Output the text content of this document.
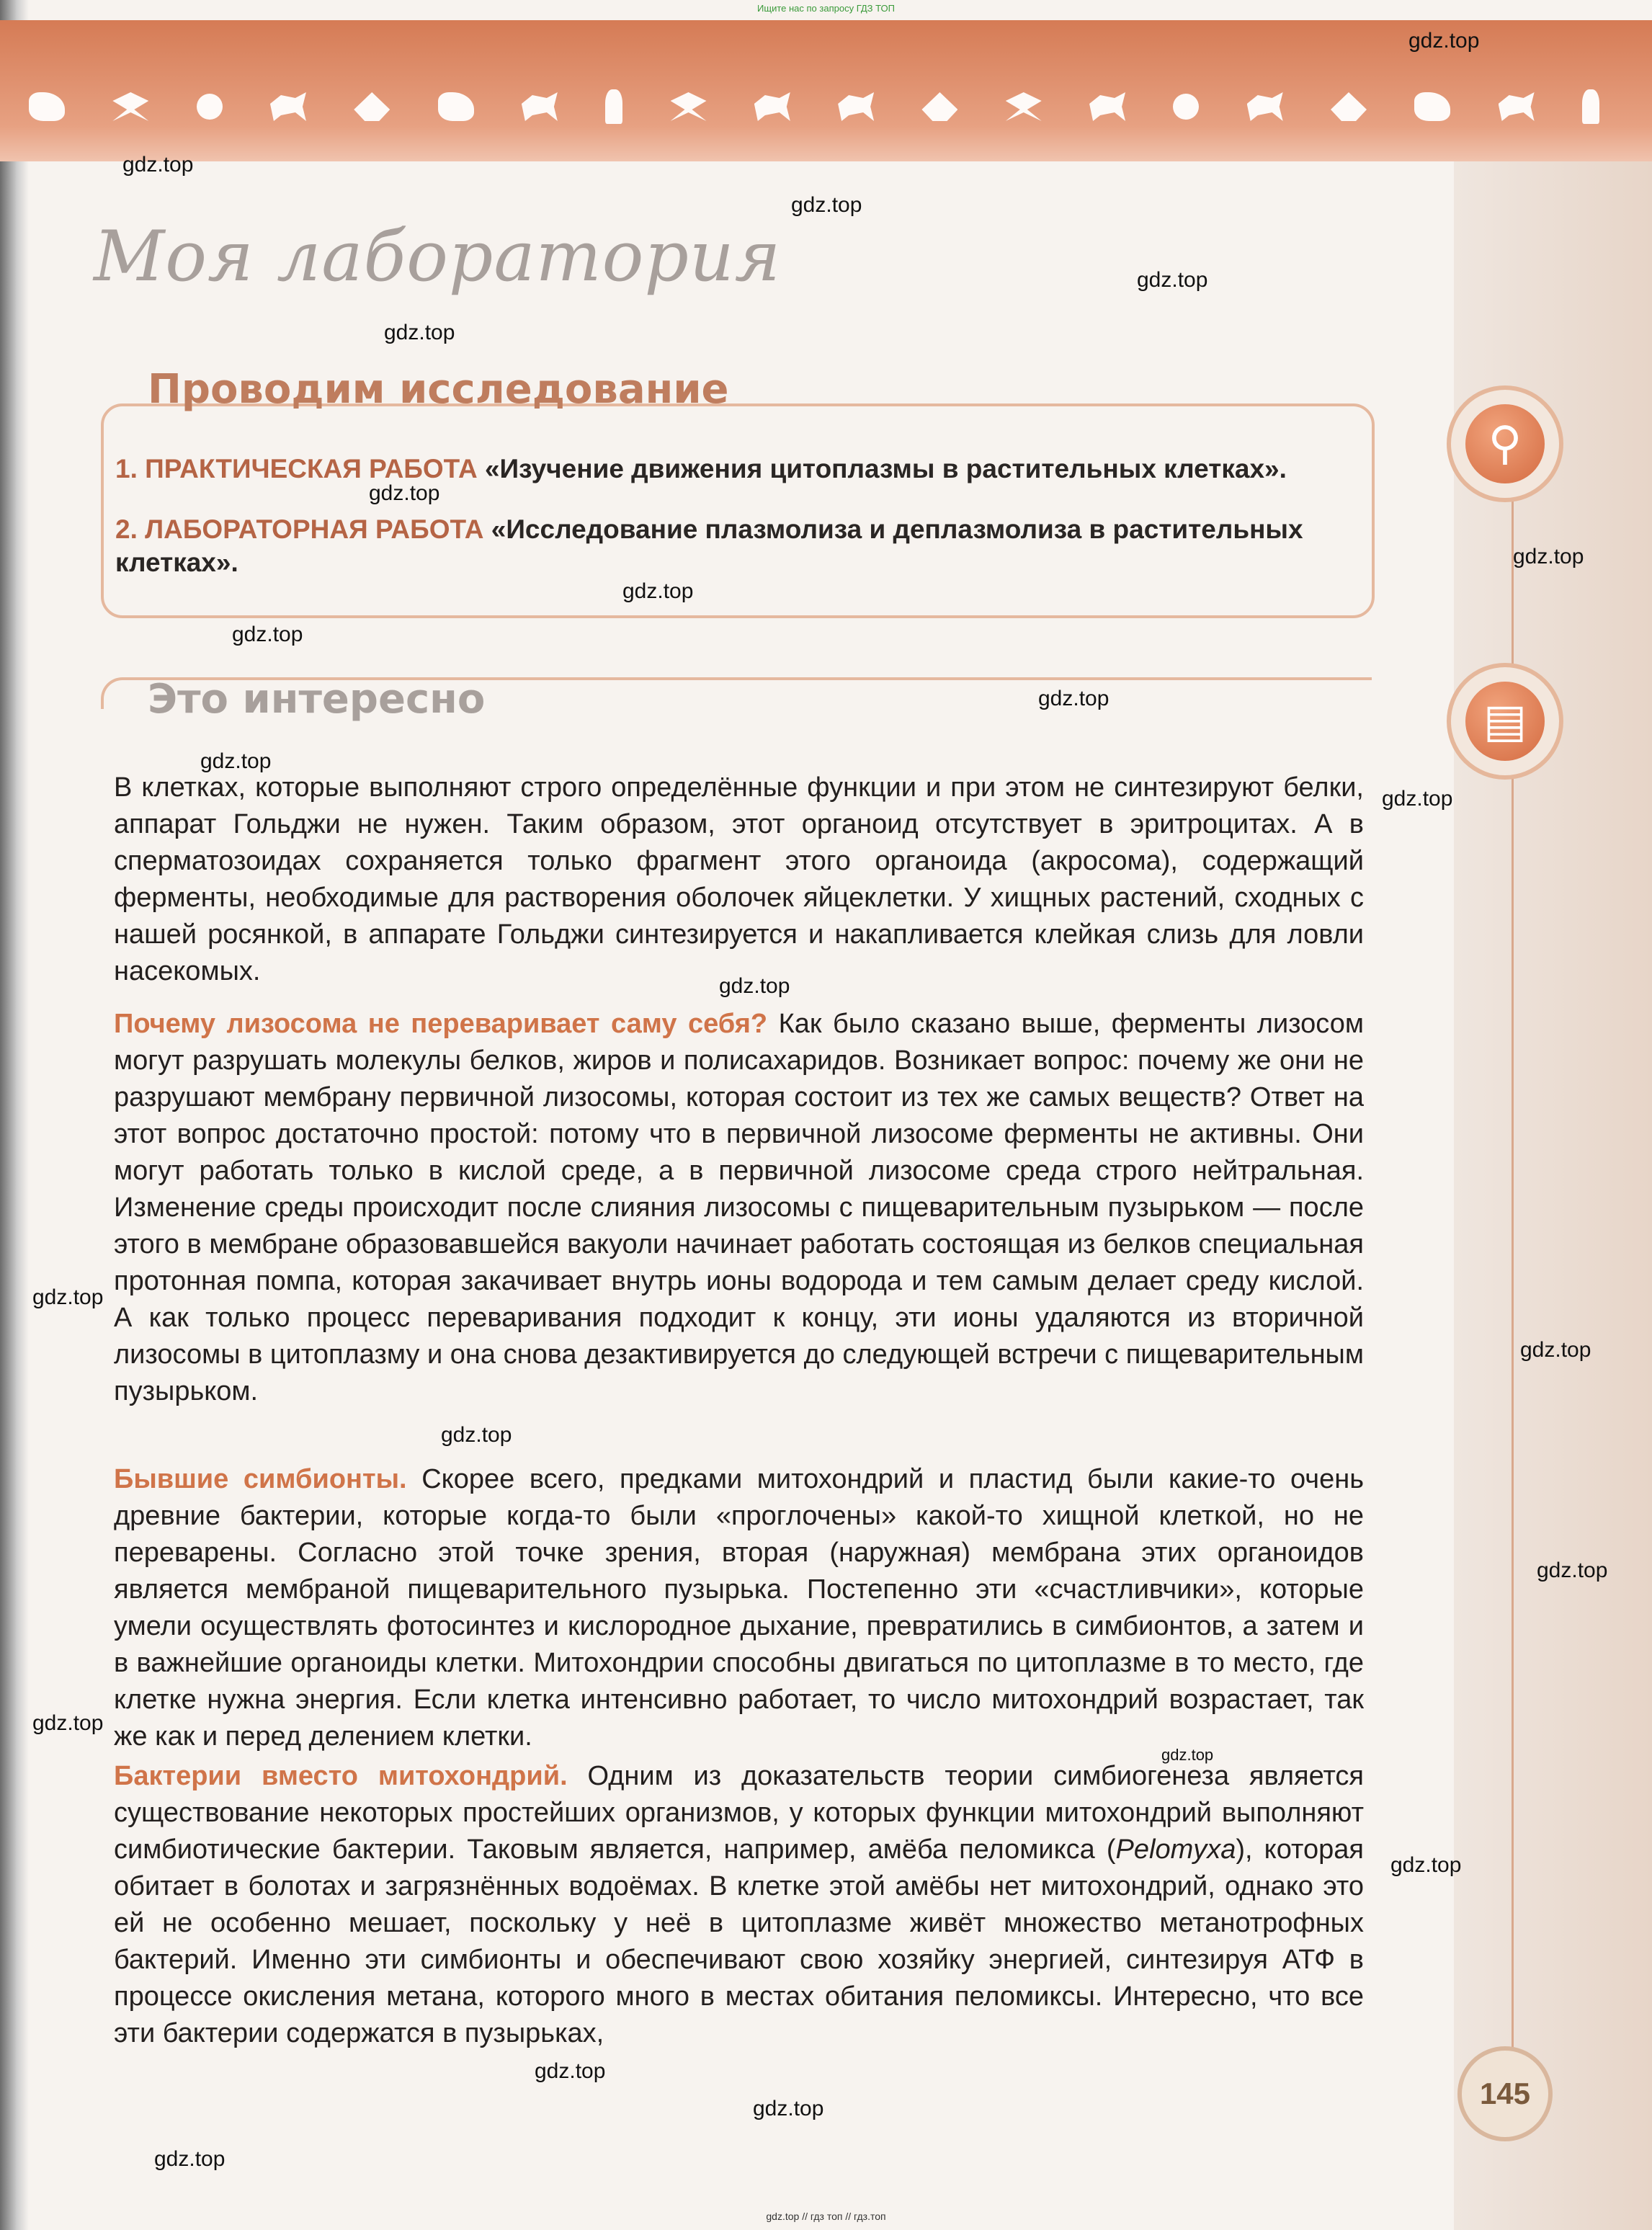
Ищите нас по запросу ГДЗ ТОП
⚲
▤
Моя лаборатория
Проводим исследование
1. ПРАКТИЧЕСКАЯ РАБОТА «Изучение движения цитоплазмы в растительных клетках».
2. ЛАБОРАТОРНАЯ РАБОТА «Исследование плазмолиза и деплазмолиза в растительных клетках».
Это интересно
В клетках, которые выполняют строго определённые функции и при этом не синтезируют белки, аппарат Гольджи не нужен. Таким образом, этот органоид отсутствует в эритроцитах. А в сперматозоидах сохраняется только фрагмент этого органоида (акросома), содержащий ферменты, необходимые для растворения оболочек яйцеклетки. У хищных растений, сходных с нашей росянкой, в аппарате Гольджи синтезируется и накапливается клейкая слизь для ловли насекомых.
Почему лизосома не переваривает саму себя? Как было сказано выше, ферменты лизосом могут разрушать молекулы белков, жиров и полисахаридов. Возникает вопрос: почему же они не разрушают мембрану первичной лизосомы, которая состоит из тех же самых веществ? Ответ на этот вопрос достаточно простой: потому что в первичной лизосоме ферменты не активны. Они могут работать только в кислой среде, а в первичной лизосоме среда строго нейтральная. Изменение среды происходит после слияния лизосомы с пищеварительным пузырьком — после этого в мембране образовавшейся вакуоли начинает работать состоящая из белков специальная протонная помпа, которая закачивает внутрь ионы водорода и тем самым делает среду кислой. А как только процесс переваривания подходит к концу, эти ионы удаляются из вторичной лизосомы в цитоплазму и она снова дезактивируется до следующей встречи с пищеварительным пузырьком.
Бывшие симбионты. Скорее всего, предками митохондрий и пластид были какие-то очень древние бактерии, которые когда-то были «проглочены» какой-то хищной клеткой, но не переварены. Согласно этой точке зрения, вторая (наружная) мембрана этих органоидов является мембраной пищеварительного пузырька. Постепенно эти «счастливчики», которые умели осуществлять фотосинтез и кислородное дыхание, превратились в симбионтов, а затем и в важнейшие органоиды клетки. Митохондрии способны двигаться по цитоплазме в то место, где клетке нужна энергия. Если клетка интенсивно работает, то число митохондрий возрастает, так же как и перед делением клетки.
Бактерии вместо митохондрий. Одним из доказательств теории симбиогенеза является существование некоторых простейших организмов, у которых функции митохондрий выполняют симбиотические бактерии. Таковым является, например, амёба пеломикса (Pelomyxa), которая обитает в болотах и загрязнённых водоёмах. В клетке этой амёбы нет митохондрий, однако это ей не особенно мешает, поскольку у неё в цитоплазме живёт множество метанотрофных бактерий. Именно эти симбионты и обеспечивают свою хозяйку энергией, синтезируя АТФ в процессе окисления метана, которого много в местах обитания пеломиксы. Интересно, что все эти бактерии содержатся в пузырьках,
145
gdz.top
gdz.top
gdz.top
gdz.top
gdz.top
gdz.top
gdz.top
gdz.top
gdz.top
gdz.top
gdz.top
gdz.top
gdz.top
gdz.top
gdz.top
gdz.top
gdz.top
gdz.top
gdz.top
gdz.top
gdz.top
gdz.top
gdz.top
gdz.top // гдз топ // гдз.топ
